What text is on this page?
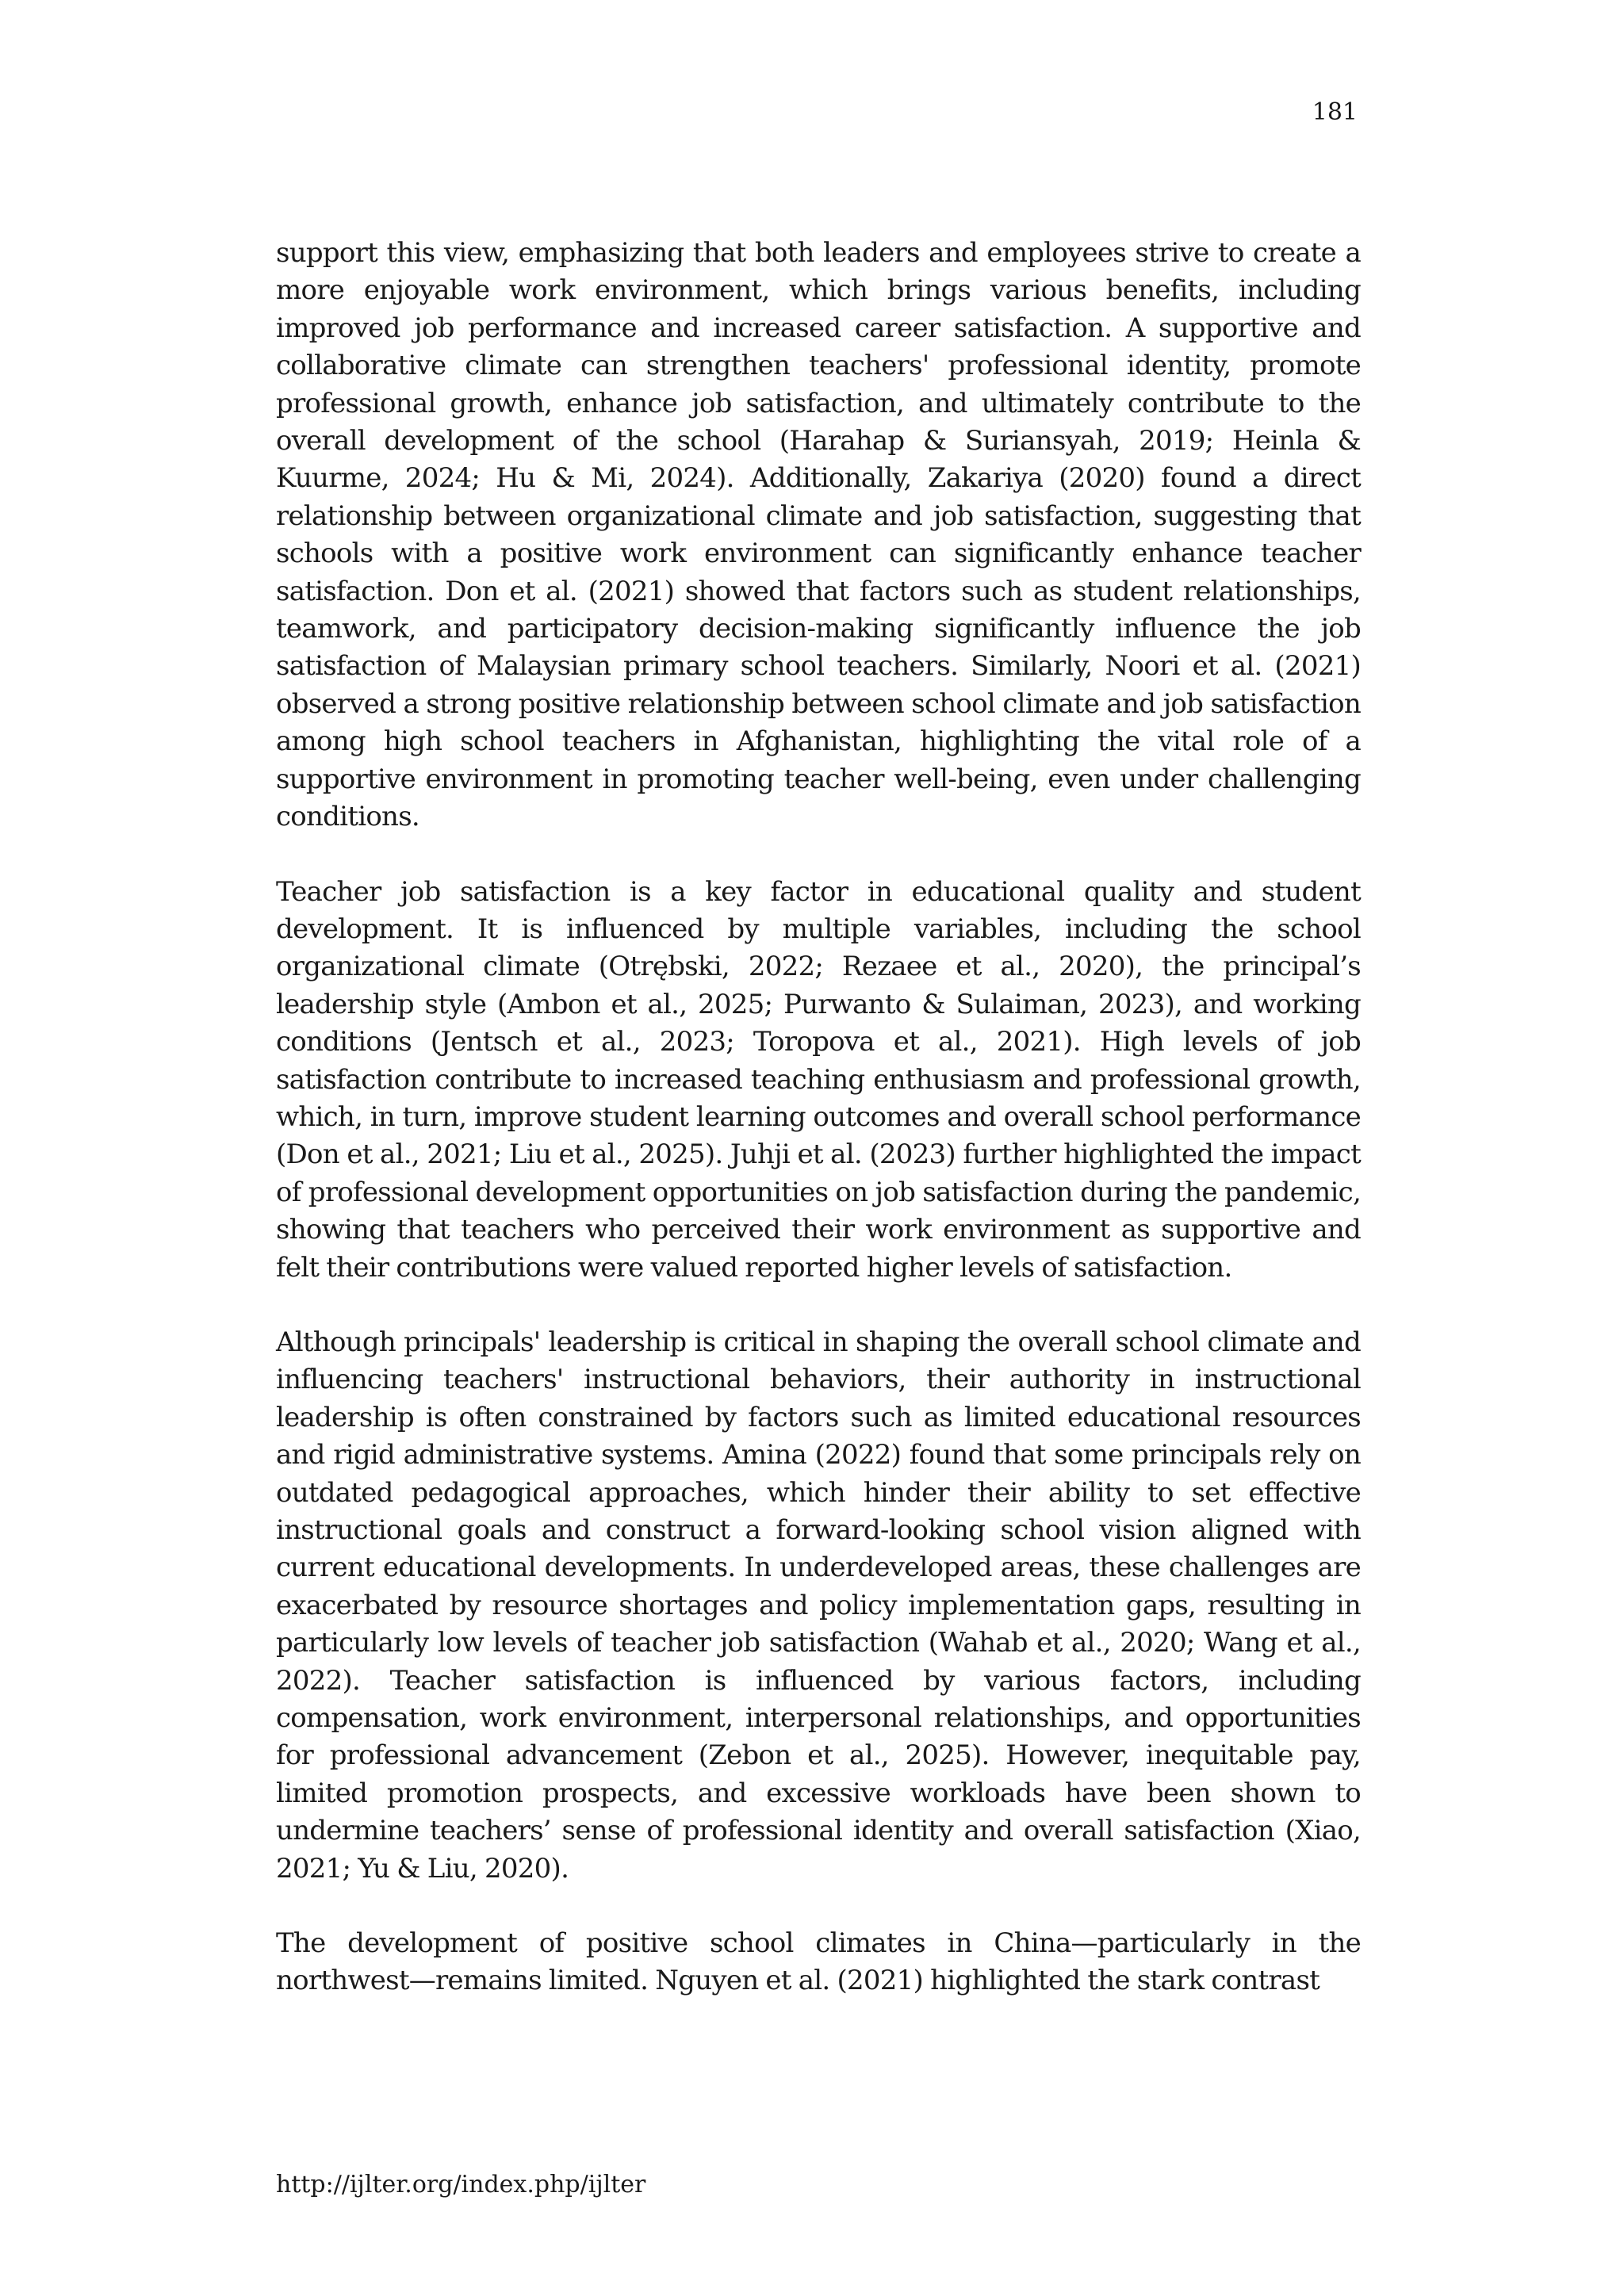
181

support this view, emphasizing that both leaders and employees strive to create a more enjoyable work environment, which brings various benefits, including improved job performance and increased career satisfaction. A supportive and collaborative climate can strengthen teachers' professional identity, promote professional growth, enhance job satisfaction, and ultimately contribute to the overall development of the school (Harahap & Suriansyah, 2019; Heinla & Kuurme, 2024; Hu & Mi, 2024). Additionally, Zakariya (2020) found a direct relationship between organizational climate and job satisfaction, suggesting that schools with a positive work environment can significantly enhance teacher satisfaction. Don et al. (2021) showed that factors such as student relationships, teamwork, and participatory decision-making significantly influence the job satisfaction of Malaysian primary school teachers. Similarly, Noori et al. (2021) observed a strong positive relationship between school climate and job satisfaction among high school teachers in Afghanistan, highlighting the vital role of a supportive environment in promoting teacher well-being, even under challenging conditions.

Teacher job satisfaction is a key factor in educational quality and student development. It is influenced by multiple variables, including the school organizational climate (Otrębski, 2022; Rezaee et al., 2020), the principal’s leadership style (Ambon et al., 2025; Purwanto & Sulaiman, 2023), and working conditions (Jentsch et al., 2023; Toropova et al., 2021). High levels of job satisfaction contribute to increased teaching enthusiasm and professional growth, which, in turn, improve student learning outcomes and overall school performance (Don et al., 2021; Liu et al., 2025). Juhji et al. (2023) further highlighted the impact of professional development opportunities on job satisfaction during the pandemic, showing that teachers who perceived their work environment as supportive and felt their contributions were valued reported higher levels of satisfaction.

Although principals' leadership is critical in shaping the overall school climate and influencing teachers' instructional behaviors, their authority in instructional leadership is often constrained by factors such as limited educational resources and rigid administrative systems. Amina (2022) found that some principals rely on outdated pedagogical approaches, which hinder their ability to set effective instructional goals and construct a forward-looking school vision aligned with current educational developments. In underdeveloped areas, these challenges are exacerbated by resource shortages and policy implementation gaps, resulting in particularly low levels of teacher job satisfaction (Wahab et al., 2020; Wang et al., 2022). Teacher satisfaction is influenced by various factors, including compensation, work environment, interpersonal relationships, and opportunities for professional advancement (Zebon et al., 2025). However, inequitable pay, limited promotion prospects, and excessive workloads have been shown to undermine teachers’ sense of professional identity and overall satisfaction (Xiao, 2021; Yu & Liu, 2020).

The development of positive school climates in China—particularly in the northwest—remains limited. Nguyen et al. (2021) highlighted the stark contrast

http://ijlter.org/index.php/ijlter
